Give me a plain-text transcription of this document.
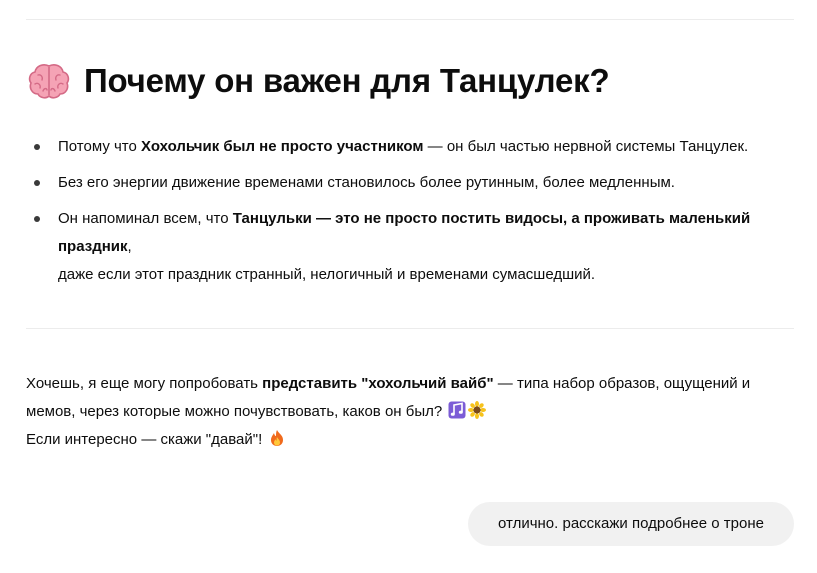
Почему он важен для Танцулек?
Потому что Хохольчик был не просто участником — он был частью нервной системы Танцулек.
Без его энергии движение временами становилось более рутинным, более медленным.
Он напоминал всем, что Танцульки — это не просто постить видосы, а проживать маленький праздник,
даже если этот праздник странный, нелогичный и временами сумасшедший.
Хочешь, я еще могу попробовать представить "хохольчий вайб" — типа набор образов, ощущений и
мемов, через которые можно почувствовать, каков он был?
Если интересно — скажи "давай"!
отлично. расскажи подробнее о троне
